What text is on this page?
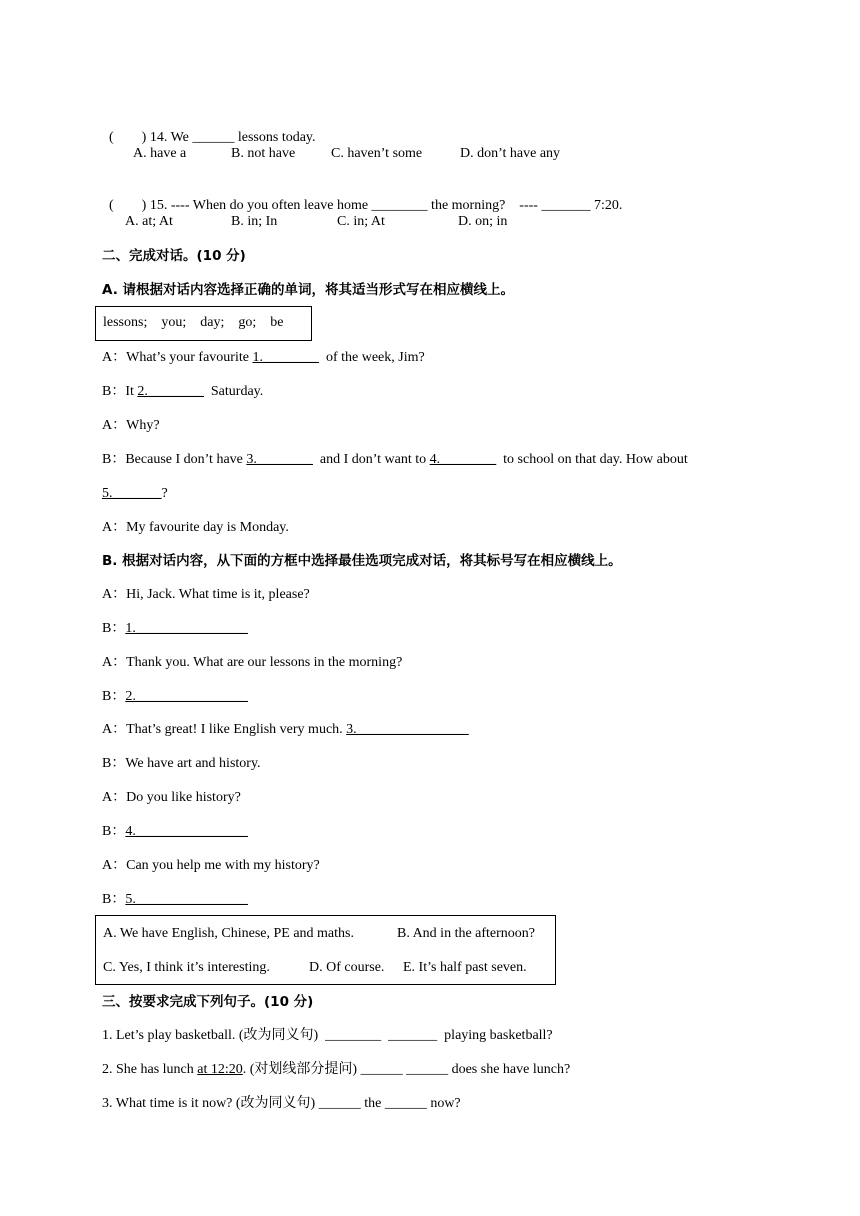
(        ) 14. We ______ lessons today.

A. have a	B. not have	C. haven’t some	D. don’t have any

(        ) 15. ---- When do you often leave home ________ the morning?    ---- _______ 7:20.

A. at; At	B. in; In	C. in; At	D. on; in
二、完成对话。(10 分)
A. 请根据对话内容选择正确的单词，将其适当形式写在相应横线上。
lessons;    you;    day;    go;    be
A：What’s your favourite 1.________  of the week, Jim?
B：It 2.________  Saturday.
A：Why?
B：Because I don’t have 3.________  and I don’t want to 4.________  to school on that day. How about
5._______?
A：My favourite day is Monday.
B. 根据对话内容，从下面的方框中选择最佳选项完成对话，将其标号写在相应横线上。
A：Hi, Jack. What time is it, please?
B：1.________________
A：Thank you. What are our lessons in the morning?
B：2.________________
A：That’s great! I like English very much. 3.________________
B：We have art and history.
A：Do you like history?
B：4.________________
A：Can you help me with my history?
B：5.________________
A. We have English, Chinese, PE and maths.	B. And in the afternoon?
C. Yes, I think it’s interesting.	D. Of course. E. It’s half past seven.
三、按要求完成下列句子。(10 分)
1. Let’s play basketball. (改为同义句)  ________  _______  playing basketball?
2. She has lunch at 12:20. (对划线部分提问) ______ ______ does she have lunch?
3. What time is it now? (改为同义句) ______ the ______ now?
